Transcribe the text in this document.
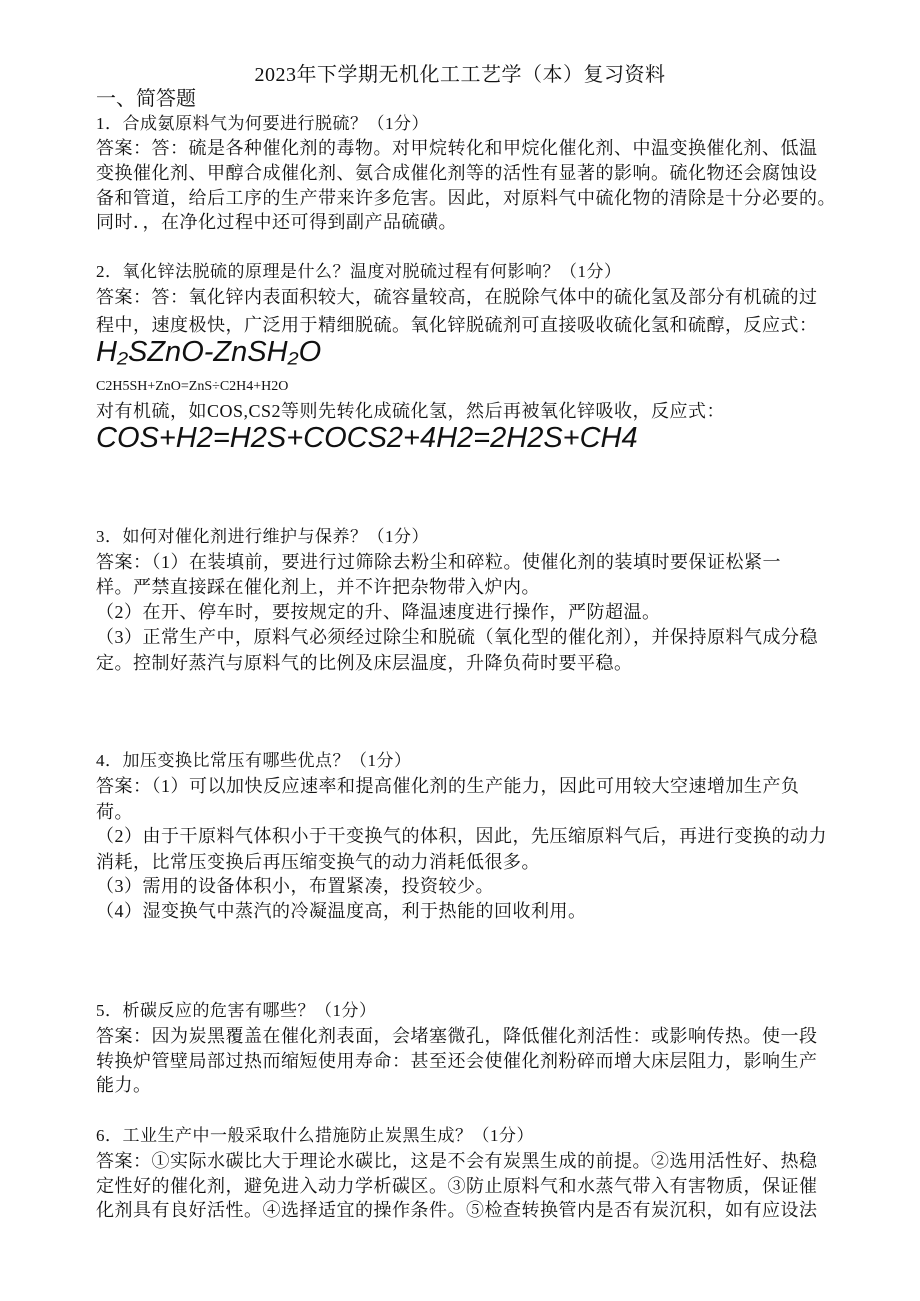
2023年下学期无机化工工艺学（本）复习资料
一、简答题
1．合成氨原料气为何要进行脱硫？（1分）
答案：答：硫是各种催化剂的毒物。对甲烷转化和甲烷化催化剂、中温变换催化剂、低温
变换催化剂、甲醇合成催化剂、氨合成催化剂等的活性有显著的影响。硫化物还会腐蚀设
备和管道，给后工序的生产带来许多危害。因此，对原料气中硫化物的清除是十分必要的。
同时．，在净化过程中还可得到副产品硫磺。
2．氧化锌法脱硫的原理是什么？温度对脱硫过程有何影响？（1分）
答案：答：氧化锌内表面积较大，硫容量较高，在脱除气体中的硫化氢及部分有机硫的过
程中，速度极快，广泛用于精细脱硫。氧化锌脱硫剂可直接吸收硫化氢和硫醇，反应式：
H₂SZnO-ZnSH₂O
C2H5SH+ZnO=ZnS÷C2H4+H2O
对有机硫，如COS,CS2等则先转化成硫化氢，然后再被氧化锌吸收，反应式：
COS+H2=H2S+COCS2+4H2=2H2S+CH4
3．如何对催化剂进行维护与保养？（1分）
答案：（1）在装填前，要进行过筛除去粉尘和碎粒。使催化剂的装填时要保证松紧一
样。严禁直接踩在催化剂上，并不许把杂物带入炉内。
（2）在开、停车时，要按规定的升、降温速度进行操作，严防超温。
（3）正常生产中，原料气必须经过除尘和脱硫（氧化型的催化剂），并保持原料气成分稳
定。控制好蒸汽与原料气的比例及床层温度，升降负荷时要平稳。
4．加压变换比常压有哪些优点？（1分）
答案：（1）可以加快反应速率和提高催化剂的生产能力，因此可用较大空速增加生产负
荷。
（2）由于干原料气体积小于干变换气的体积，因此，先压缩原料气后，再进行变换的动力
消耗，比常压变换后再压缩变换气的动力消耗低很多。
（3）需用的设备体积小，布置紧凑，投资较少。
（4）湿变换气中蒸汽的冷凝温度高，利于热能的回收利用。
5．析碳反应的危害有哪些？（1分）
答案：因为炭黑覆盖在催化剂表面，会堵塞微孔，降低催化剂活性：或影响传热。使一段
转换炉管壁局部过热而缩短使用寿命：甚至还会使催化剂粉碎而增大床层阻力，影响生产
能力。
6．工业生产中一般采取什么措施防止炭黑生成？（1分）
答案：①实际水碳比大于理论水碳比，这是不会有炭黑生成的前提。②选用活性好、热稳
定性好的催化剂，避免进入动力学析碳区。③防止原料气和水蒸气带入有害物质，保证催
化剂具有良好活性。④选择适宜的操作条件。⑤检查转换管内是否有炭沉积，如有应设法
